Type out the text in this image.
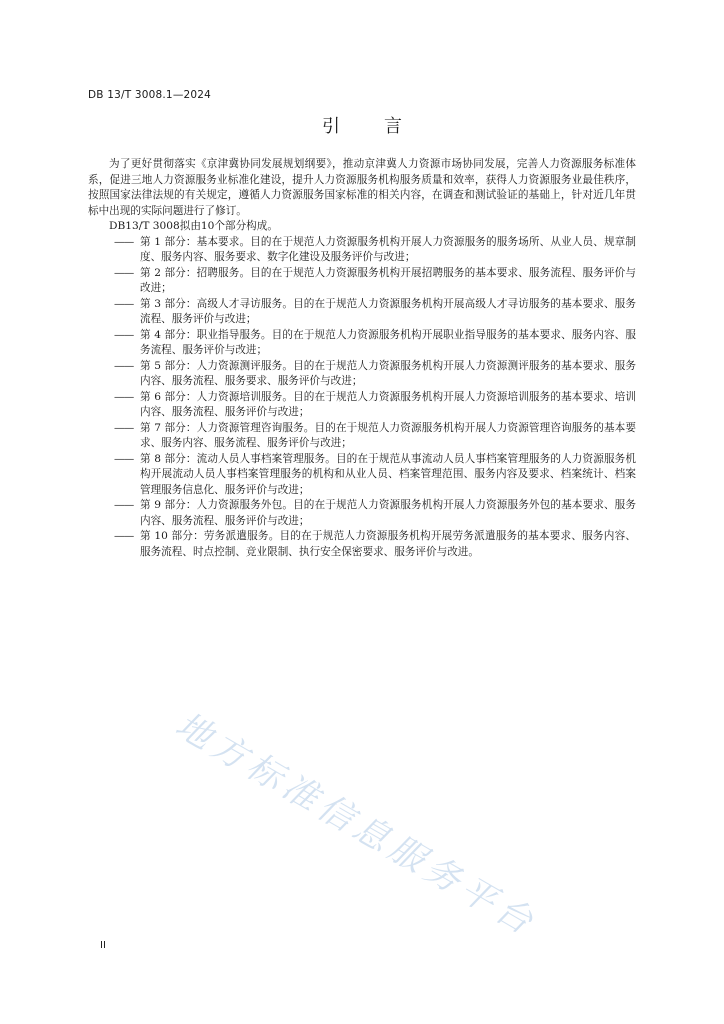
DB 13/T 3008.1—2024

引言

为了更好贯彻落实《京津冀协同发展规划纲要》，推动京津冀人力资源市场协同发展，完善人力资源服务标准体系，促进三地人力资源服务业标准化建设，提升人力资源服务机构服务质量和效率，获得人力资源服务业最佳秩序，按照国家法律法规的有关规定，遵循人力资源服务国家标准的相关内容，在调查和测试验证的基础上，针对近几年贯标中出现的实际问题进行了修订。

DB13/T 3008拟由10个部分构成。

—— 第 1 部分：基本要求。目的在于规范人力资源服务机构开展人力资源服务的服务场所、从业人员、规章制度、服务内容、服务要求、数字化建设及服务评价与改进；

—— 第 2 部分：招聘服务。目的在于规范人力资源服务机构开展招聘服务的基本要求、服务流程、服务评价与改进；

—— 第 3 部分：高级人才寻访服务。目的在于规范人力资源服务机构开展高级人才寻访服务的基本要求、服务流程、服务评价与改进；

—— 第 4 部分：职业指导服务。目的在于规范人力资源服务机构开展职业指导服务的基本要求、服务内容、服务流程、服务评价与改进；

—— 第 5 部分：人力资源测评服务。目的在于规范人力资源服务机构开展人力资源测评服务的基本要求、服务内容、服务流程、服务要求、服务评价与改进；

—— 第 6 部分：人力资源培训服务。目的在于规范人力资源服务机构开展人力资源培训服务的基本要求、培训内容、服务流程、服务评价与改进；

—— 第 7 部分：人力资源管理咨询服务。目的在于规范人力资源服务机构开展人力资源管理咨询服务的基本要求、服务内容、服务流程、服务评价与改进；

—— 第 8 部分：流动人员人事档案管理服务。目的在于规范从事流动人员人事档案管理服务的人力资源服务机构开展流动人员人事档案管理服务的机构和从业人员、档案管理范围、服务内容及要求、档案统计、档案管理服务信息化、服务评价与改进；

—— 第 9 部分：人力资源服务外包。目的在于规范人力资源服务机构开展人力资源服务外包的基本要求、服务内容、服务流程、服务评价与改进；

—— 第 10 部分：劳务派遣服务。目的在于规范人力资源服务机构开展劳务派遣服务的基本要求、服务内容、服务流程、时点控制、竞业限制、执行安全保密要求、服务评价与改进。

地方标准信息服务平台

II
